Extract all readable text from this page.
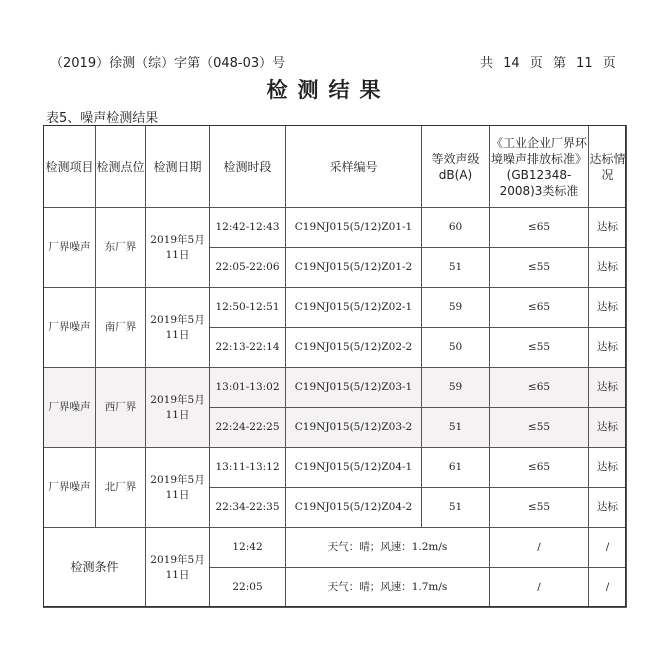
（2019）徐测（综）字第（048-03）号	共 14 页 第 11 页
检测结果
表5、噪声检测结果
检测项目	检测点位	检测日期	检测时段	采样编号	等效声级dB(A)	《工业企业厂界环境噪声排放标准》(GB12348-2008)3类标准	达标情况
厂界噪声	东厂界	2019年5月11日	12:42-12:43	C19NJ015(5/12)Z01-1	60	≤65	达标
			22:05-22:06	C19NJ015(5/12)Z01-2	51	≤55	达标
厂界噪声	南厂界	2019年5月11日	12:50-12:51	C19NJ015(5/12)Z02-1	59	≤65	达标
			22:13-22:14	C19NJ015(5/12)Z02-2	50	≤55	达标
厂界噪声	西厂界	2019年5月11日	13:01-13:02	C19NJ015(5/12)Z03-1	59	≤65	达标
			22:24-22:25	C19NJ015(5/12)Z03-2	51	≤55	达标
厂界噪声	北厂界	2019年5月11日	13:11-13:12	C19NJ015(5/12)Z04-1	61	≤65	达标
			22:34-22:35	C19NJ015(5/12)Z04-2	51	≤55	达标
检测条件		2019年5月11日	12:42	天气：晴；风速：1.2m/s		/	/
			22:05	天气：晴；风速：1.7m/s		/	/
